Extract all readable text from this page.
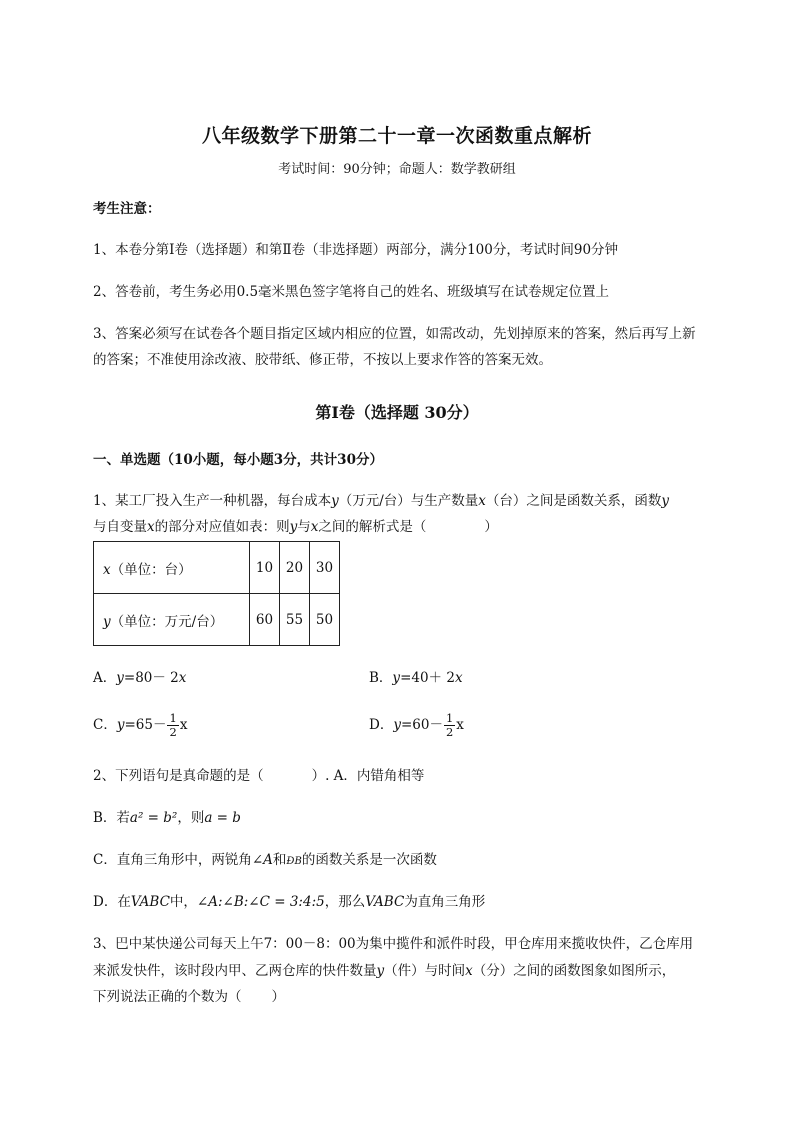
八年级数学下册第二十一章一次函数重点解析
考试时间：90分钟；命题人：数学教研组
考生注意：
1、本卷分第I卷（选择题）和第Ⅱ卷（非选择题）两部分，满分100分，考试时间90分钟
2、答卷前，考生务必用0.5毫米黑色签字笔将自己的姓名、班级填写在试卷规定位置上
3、答案必须写在试卷各个题目指定区域内相应的位置，如需改动，先划掉原来的答案，然后再写上新
的答案；不准使用涂改液、胶带纸、修正带，不按以上要求作答的答案无效。
第I卷（选择题 30分）
一、单选题（10小题，每小题3分，共计30分）
1、某工厂投入生产一种机器，每台成本y（万元/台）与生产数量x（台）之间是函数关系，函数y
与自变量x的部分对应值如表：则y与x之间的解析式是（	）
x（单位：台）	10	20	30
y（单位：万元/台）	60	55	50
A．y=80－ 2x	B．y=40＋ 2x
C．$y=65- \frac{1}{2}$ x	D．$y=60- \frac{1}{2}$ x
2、下列语句是真命题的是（	）. A．内错角相等
B．若a² = b²，则a = b
C．直角三角形中，两锐角∠A和ÐB的函数关系是一次函数
D．在VABC中，∠A:∠B:∠C = 3:4:5，那么VABC为直角三角形
3、巴中某快递公司每天上午7：00－8：00为集中揽件和派件时段，甲仓库用来揽收快件，乙仓库用
来派发快件，该时段内甲、乙两仓库的快件数量y（件）与时间x（分）之间的函数图象如图所示，
下列说法正确的个数为（ ）
